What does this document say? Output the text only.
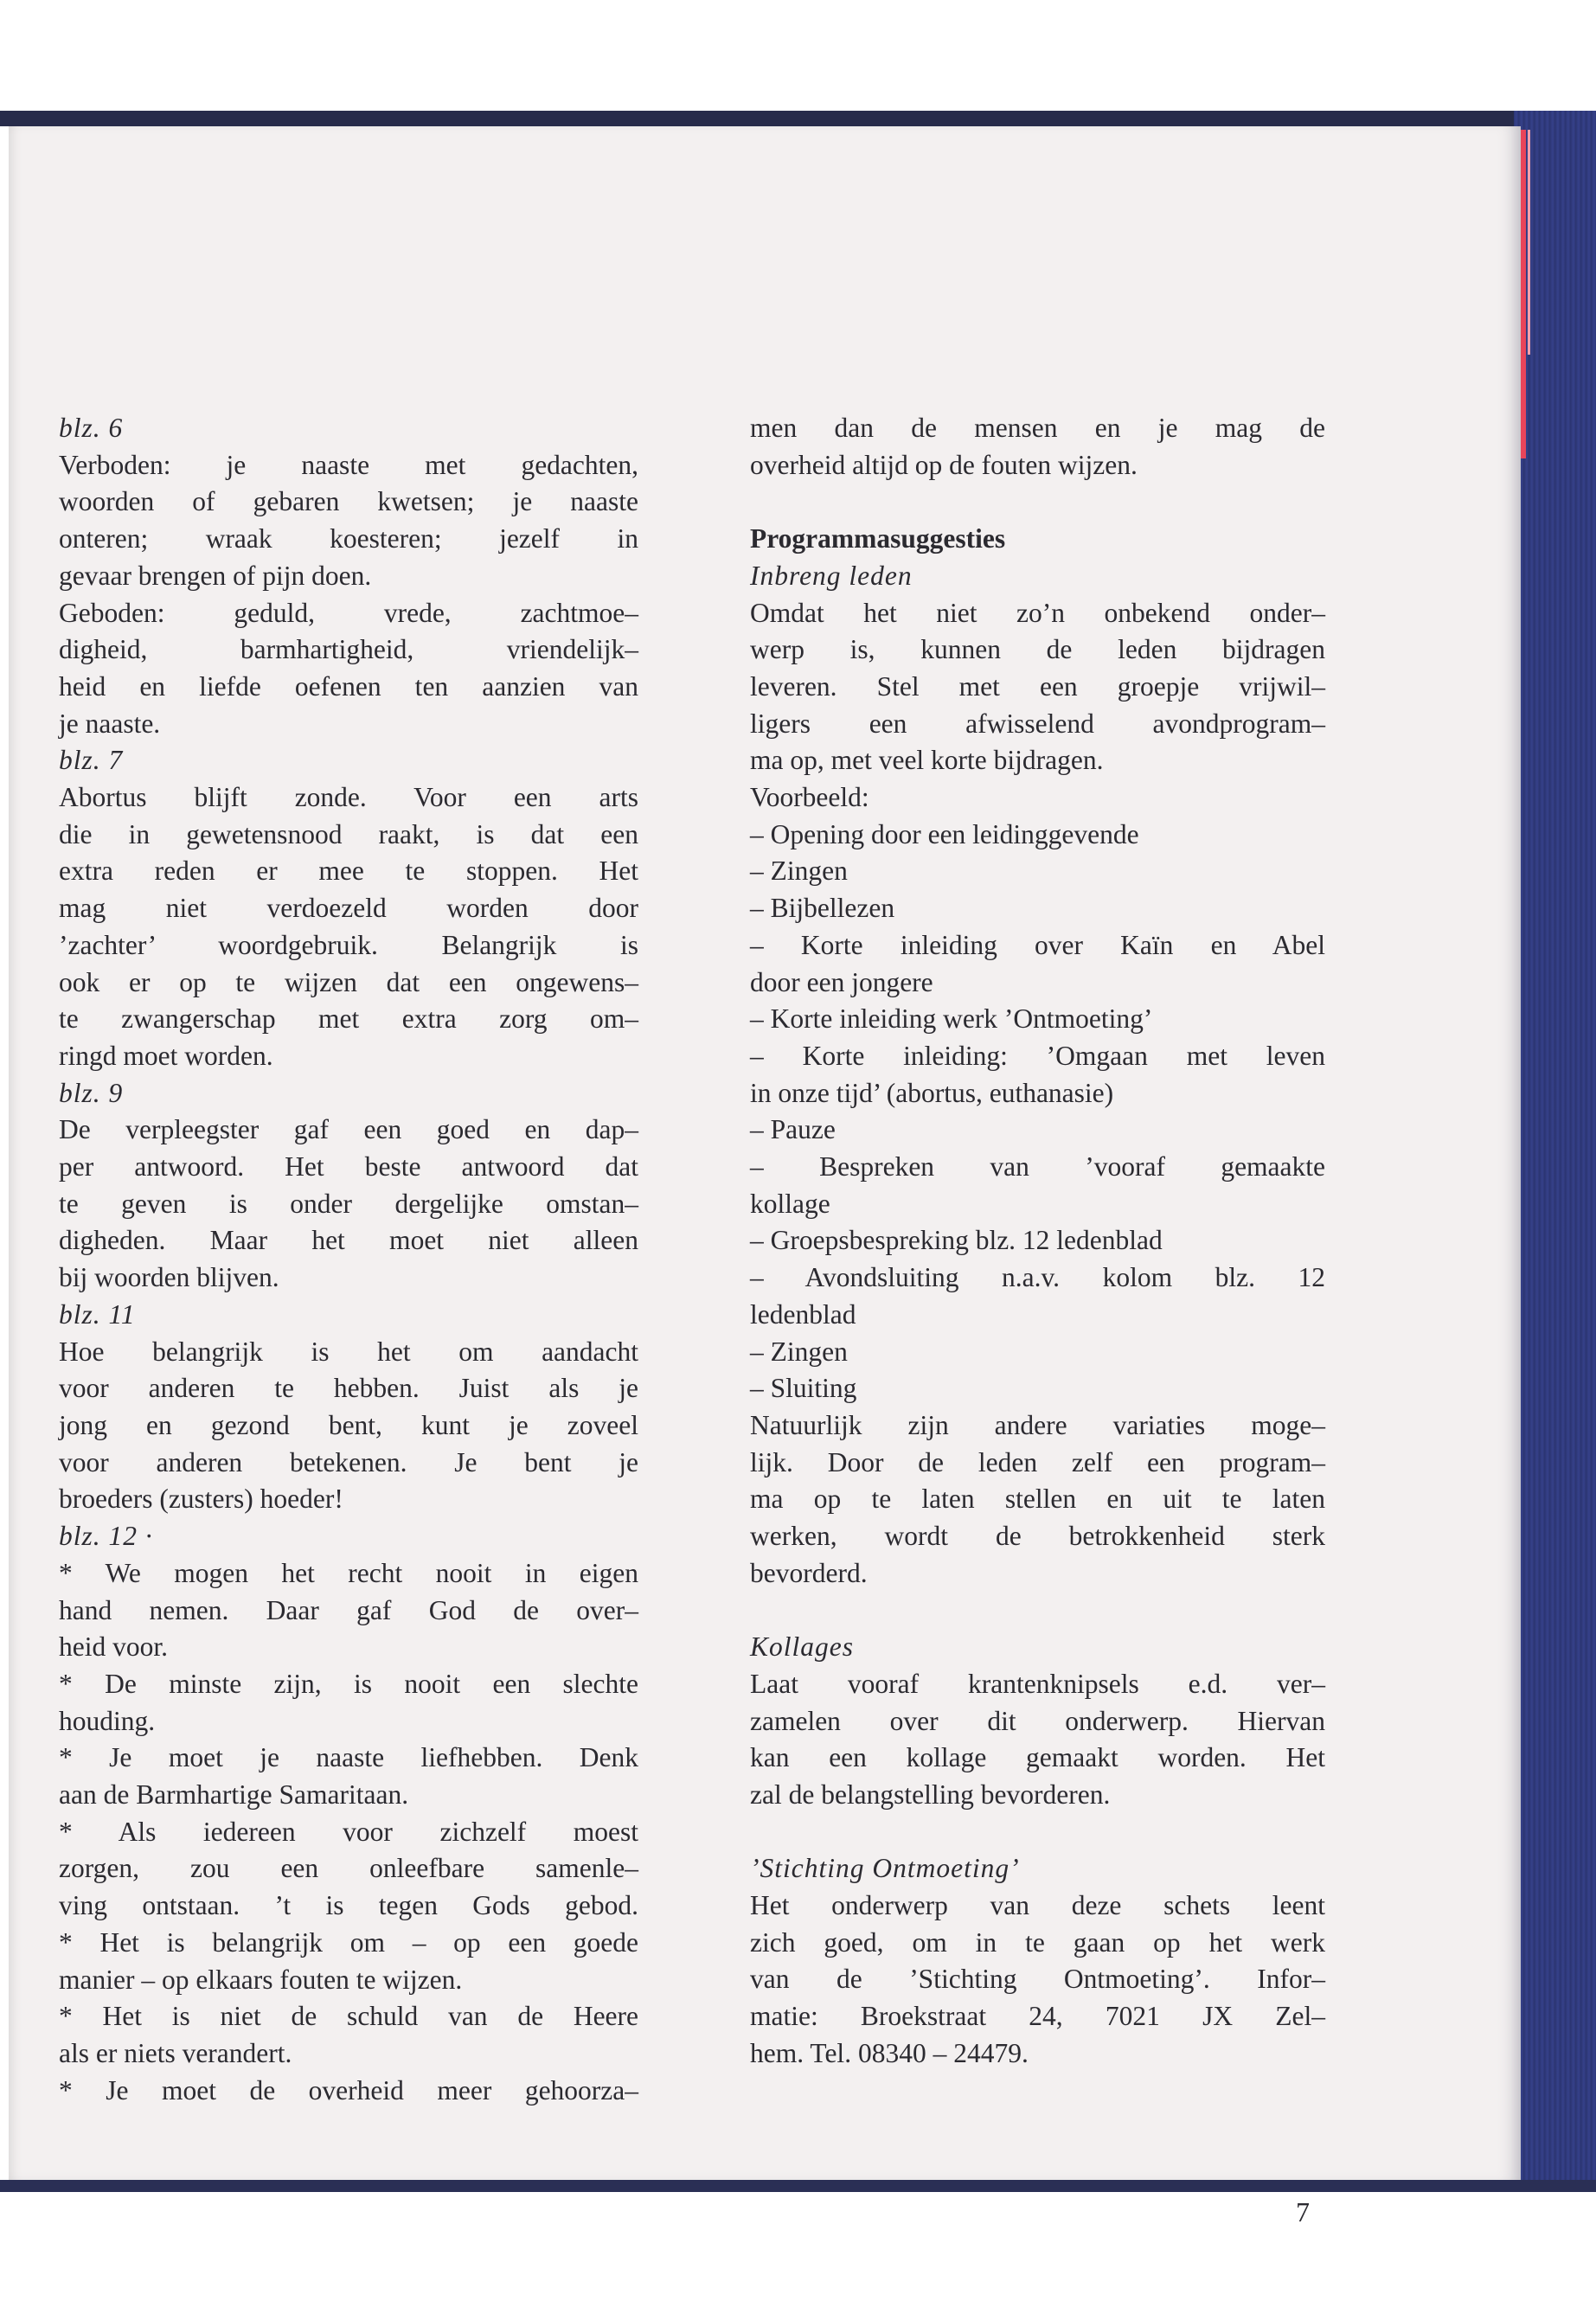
blz. 6

Verboden: je naaste met gedachten,

woorden of gebaren kwetsen; je naaste

onteren; wraak koesteren; jezelf in

gevaar brengen of pijn doen.

Geboden: geduld, vrede, zachtmoe–

digheid, barmhartigheid, vriendelijk–

heid en liefde oefenen ten aanzien van

je naaste.

blz. 7

Abortus blijft zonde. Voor een arts

die in gewetensnood raakt, is dat een

extra reden er mee te stoppen. Het

mag niet verdoezeld worden door

’zachter’ woordgebruik. Belangrijk is

ook er op te wijzen dat een ongewens–

te zwangerschap met extra zorg om–

ringd moet worden.

blz. 9

De verpleegster gaf een goed en dap–

per antwoord. Het beste antwoord dat

te geven is onder dergelijke omstan–

digheden. Maar het moet niet alleen

bij woorden blijven.

blz. 11

Hoe belangrijk is het om aandacht

voor anderen te hebben. Juist als je

jong en gezond bent, kunt je zoveel

voor anderen betekenen. Je bent je

broeders (zusters) hoeder!

blz. 12 ·

* We mogen het recht nooit in eigen

hand nemen. Daar gaf God de over–

heid voor.

* De minste zijn, is nooit een slechte

houding.

* Je moet je naaste liefhebben. Denk

aan de Barmhartige Samaritaan.

* Als iedereen voor zichzelf moest

zorgen, zou een onleefbare samenle–

ving ontstaan. ’t is tegen Gods gebod.

* Het is belangrijk om – op een goede

manier – op elkaars fouten te wijzen.

* Het is niet de schuld van de Heere

als er niets verandert.

* Je moet de overheid meer gehoorza–

men dan de mensen en je mag de

overheid altijd op de fouten wijzen.

Programmasuggesties

Inbreng leden

Omdat het niet zo’n onbekend onder–

werp is, kunnen de leden bijdragen

leveren. Stel met een groepje vrijwil–

ligers een afwisselend avondprogram–

ma op, met veel korte bijdragen.

Voorbeeld:

– Opening door een leidinggevende

– Zingen

– Bijbellezen

– Korte inleiding over Kaïn en Abel

door een jongere

– Korte inleiding werk ’Ontmoeting’

– Korte inleiding: ’Omgaan met leven

in onze tijd’ (abortus, euthanasie)

– Pauze

– Bespreken van ’vooraf gemaakte

kollage

– Groepsbespreking blz. 12 ledenblad

– Avondsluiting n.a.v. kolom blz. 12

ledenblad

– Zingen

– Sluiting

Natuurlijk zijn andere variaties moge–

lijk. Door de leden zelf een program–

ma op te laten stellen en uit te laten

werken, wordt de betrokkenheid sterk

bevorderd.

Kollages

Laat vooraf krantenknipsels e.d. ver–

zamelen over dit onderwerp. Hiervan

kan een kollage gemaakt worden. Het

zal de belangstelling bevorderen.

’Stichting Ontmoeting’

Het onderwerp van deze schets leent

zich goed, om in te gaan op het werk

van de ’Stichting Ontmoeting’. Infor–

matie: Broekstraat 24, 7021 JX Zel–

hem. Tel. 08340 – 24479.

7
